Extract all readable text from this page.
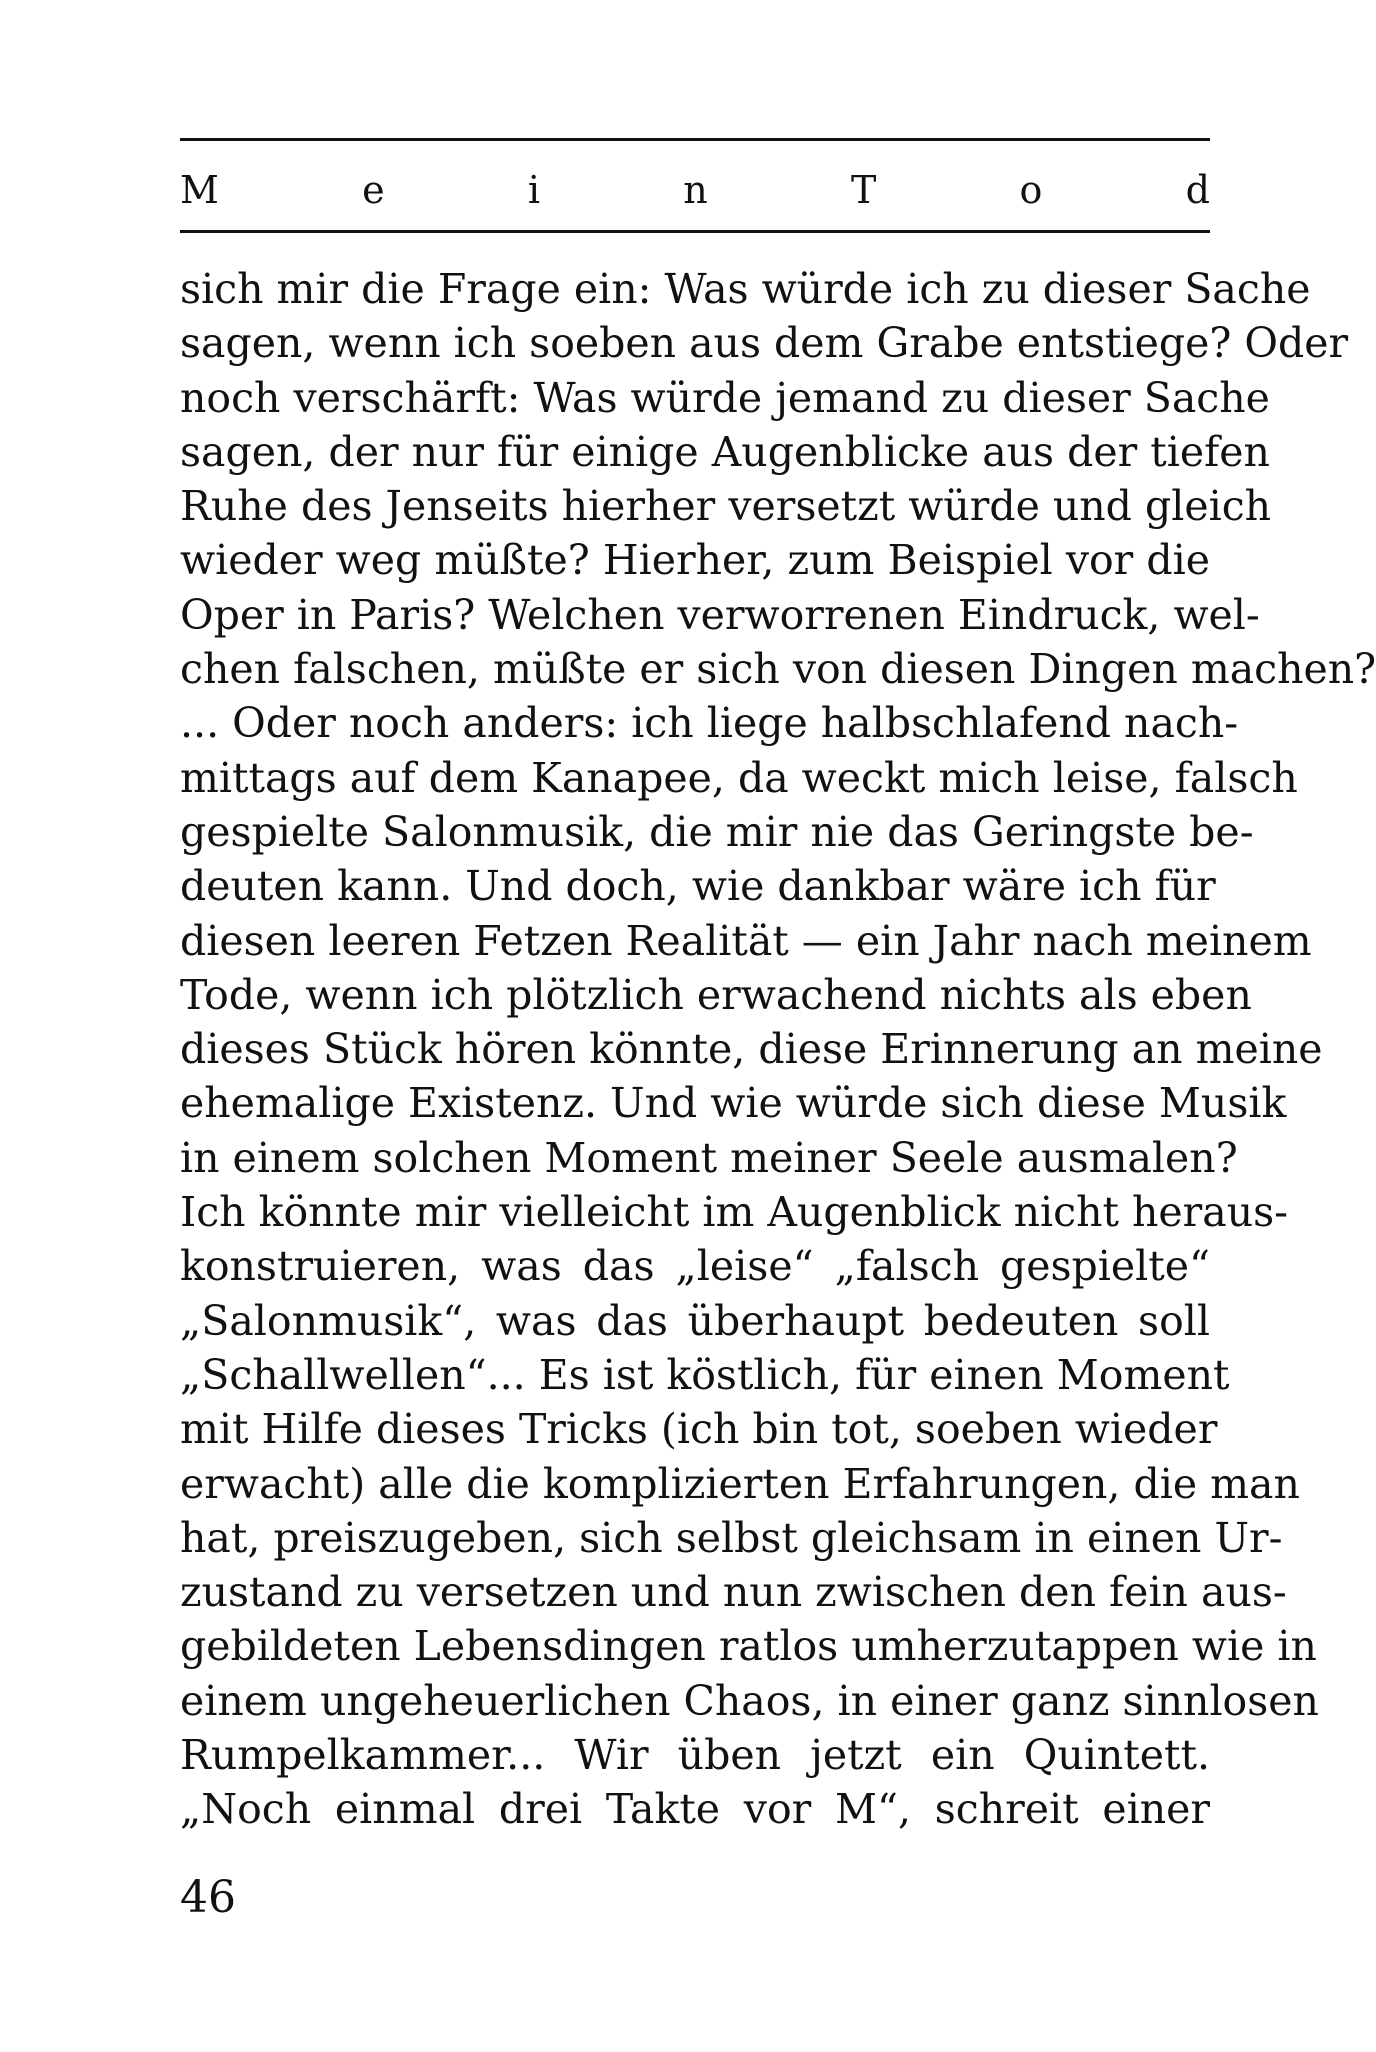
M	e	i	n	T	o	d
sich mir die Frage ein: Was würde ich zu dieser Sache
sagen, wenn ich soeben aus dem Grabe entstiege? Oder
noch verschärft: Was würde jemand zu dieser Sache
sagen, der nur für einige Augenblicke aus der tiefen
Ruhe des Jenseits hierher versetzt würde und gleich
wieder weg müßte? Hierher, zum Beispiel vor die
Oper in Paris? Welchen verworrenen Eindruck, wel-
chen falschen, müßte er sich von diesen Dingen machen?
... Oder noch anders: ich liege halbschlafend nach-
mittags auf dem Kanapee, da weckt mich leise, falsch
gespielte Salonmusik, die mir nie das Geringste be-
deuten kann. Und doch, wie dankbar wäre ich für
diesen leeren Fetzen Realität — ein Jahr nach meinem
Tode, wenn ich plötzlich erwachend nichts als eben
dieses Stück hören könnte, diese Erinnerung an meine
ehemalige Existenz. Und wie würde sich diese Musik
in einem solchen Moment meiner Seele ausmalen?
Ich könnte mir vielleicht im Augenblick nicht heraus-
konstruieren, was das „leise“ „falsch gespielte“
„Salonmusik“, was das überhaupt bedeuten soll
„Schallwellen“... Es ist köstlich, für einen Moment
mit Hilfe dieses Tricks (ich bin tot, soeben wieder
erwacht) alle die komplizierten Erfahrungen, die man
hat, preiszugeben, sich selbst gleichsam in einen Ur-
zustand zu versetzen und nun zwischen den fein aus-
gebildeten Lebensdingen ratlos umherzutappen wie in
einem ungeheuerlichen Chaos, in einer ganz sinnlosen
Rumpelkammer... Wir üben jetzt ein Quintett.
„Noch einmal drei Takte vor M“, schreit einer
46
